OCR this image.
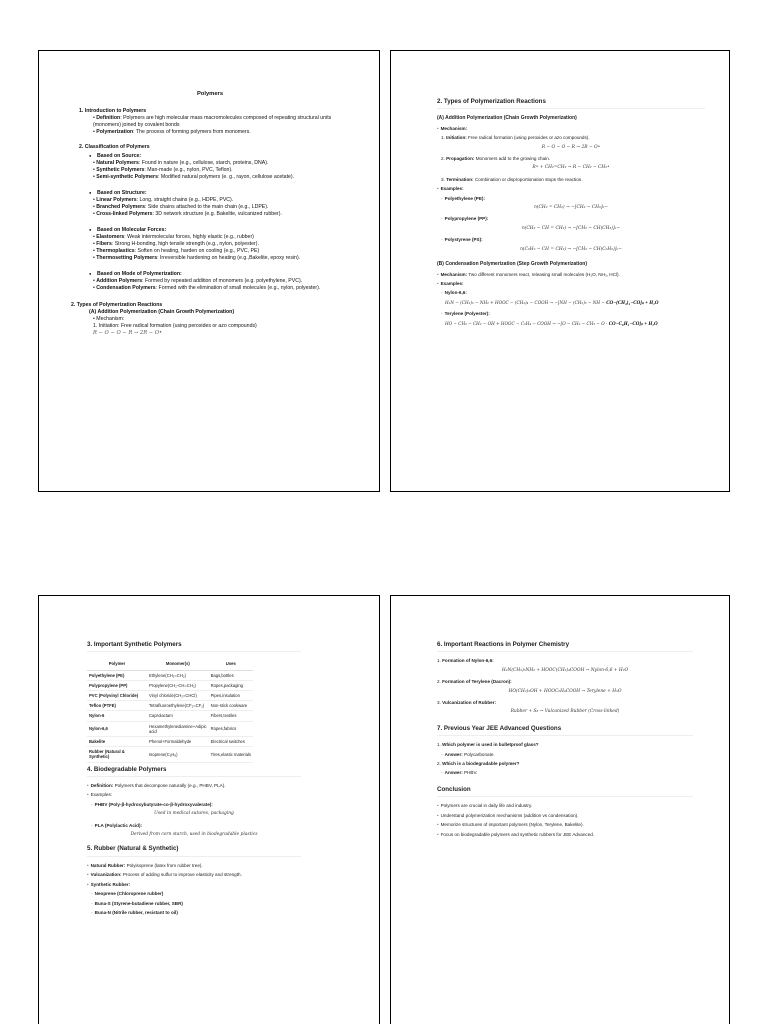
Polymers
1. Introduction to Polymers
• Definition: Polymers are high molecular mass macromolecules composed of repeating structural units (monomers) joined by covalent bonds
• Polymerization: The process of forming polymers from monomers.
2. Classification of Polymers
● Based on Source:
• Natural Polymers: Found in nature (e.g., cellulose, starch, proteins, DNA).
• Synthetic Polymers: Man-made (e.g., nylon, PVC, Teflon).
• Semi-synthetic Polymers: Modified natural polymers (e. g., rayon, cellulose acetate).
● Based on Structure:
• Linear Polymers: Long, straight chains (e.g., HDPE, PVC).
• Branched Polymers: Side chains attached to the main chain (e.g., LDPE).
• Cross-linked Polymers: 3D network structure (e.g. Bakelite, vulcanized rubber).
● Based on Molecular Forces:
• Elastomers: Weak intermolecular forces, highly elastic (e.g., rubber)
• Fibers: Strong H-bonding, high tensile strength (e.g., nylon, polyester).
• Thermoplastics: Soften on heating, harden on cooling (e.g., PVC, PE)
• Thermosetting Polymers: Irreversible hardening on heating (e.g.,Bakelite, epoxy resin).
● Based on Mode of Polymerization:
• Addition Polymers: Formed by repeated addition of monomers (e.g. polyethylene, PVC).
• Condensation Polymers: Formed with the elimination of small molecules (e.g., nylon, polyester).
2. Types of Polymerization Reactions
(A) Addition Polymerization (Chain Growth Polymerization)
• Mechanism:
1. Initiation: Free radical formation (using peroxides or azo compounds)
R − O − O − R → 2R − O•
2. Types of Polymerization Reactions
(A) Addition Polymerization (Chain Growth Polymerization)
• Mechanism:
1. Initiation: Free radical formation (using peroxides or azo compounds).
R − O − O − R → 2R − O•
2. Propagation: Monomers add to the growing chain.
R• + CH₂=CH₂ → R − CH₂ − CH₂•
3. Termination: Combination or disproportionation stops the reaction.
• Examples:
◦ Polyethylene (PE):
n(CH₂ = CH₂) → −[CH₂ − CH₂]ₙ−
◦ Polypropylene (PP):
n(CH₂ − CH = CH₂) → −[CH₂ − CH(CH₃)]ₙ−
◦ Polystyrene (PS):
n(C₆H₅ − CH = CH₂) → −[CH₂ − CH(C₆H₅)]ₙ−
(B) Condensation Polymerization (Step Growth Polymerization)
• Mechanism: Two different monomers react, releasing small molecules (H₂O, NH₃, HCl).
• Examples:
◦ Nylon-6,6:
H₂N − (CH₂)₆ − NH₂ + HOOC − (CH₂)₄ − COOH → −[NH − (CH₂)₆ − NH − CO−(CH₂)₄−CO]ₙ + H₂O
◦ Terylene (Polyester):
HO − CH₂ − CH₂ − OH + HOOC − C₆H₄ − COOH → −[O − CH₂ − CH₂ − O · CO−C₆H₄−CO]ₙ + H₂O
3. Important Synthetic Polymers
Polymer	Monomer(s)	Uses
Polyethylene (PE)	Ethylene(CH₂=CH₂)	Bags,bottles
Polypropylene (PP)	Propylene(CH₂-CH=CH₂)	Ropes,packaging
PVC (Polyvinyl Chloride)	Vinyl chloride(CH₂=CHCl)	Pipes,insulation
Teflon (PTFE)	Tetrafluoroethylene(CF₂=CF₂)	Non-stick cookware
Nylon-6	Caprolactam	Fibers,textiles
Nylon-6,6	Hexamethylenediamine+Adipic acid	Ropes,fabrics
Bakelite	Phenol+Formaldehyde	Electrical switches
Rubber (Natural & Synthetic)	Isoprene(C₅H₈)	Tires,elastic materials
4. Biodegradable Polymers
• Definition: Polymers that decompose naturally (e.g., PHBV, PLA).
• Examples:
◦ PHBV (Poly-β-hydroxybutyrate-co-β-hydroxyvalerate):
Used in medical sutures, packaging
◦ PLA (Polylactic Acid):
Derived from corn starch, used in biodegradable plastics
5. Rubber (Natural & Synthetic)
• Natural Rubber: Polyisoprene (latex from rubber tree).
• Vulcanization: Process of adding sulfur to improve elasticity and strength.
• Synthetic Rubber:
◦ Neoprene (Chloroprene rubber)
◦ Buna-S (Styrene-butadiene rubber, SBR)
◦ Buna-N (Nitrile rubber, resistant to oil)
6. Important Reactions in Polymer Chemistry
1. Formation of Nylon-6,6:
H₂N(CH₂)₆NH₂ + HOOC(CH₂)₄COOH → Nylon-6,6 + H₂O
2. Formation of Terylene (Dacron):
HO(CH₂)₂OH + HOOC₆H₄COOH → Terylene + H₂O
3. Vulcanization of Rubber:
Rubber + S₈ → Vulcanized Rubber (Cross-linked)
7. Previous Year JEE Advanced Questions
1. Which polymer is used in bulletproof glass?
◦ Answer: Polycarbonate.
2. Which is a biodegradable polymer?
◦ Answer: PHBV.
Conclusion
• Polymers are crucial in daily life and industry.
• Understand polymerization mechanisms (addition vs condensation).
• Memorize structures of important polymers (Nylon, Terylene, Bakelite).
• Focus on biodegradable polymers and synthetic rubbers for JEE Advanced.
